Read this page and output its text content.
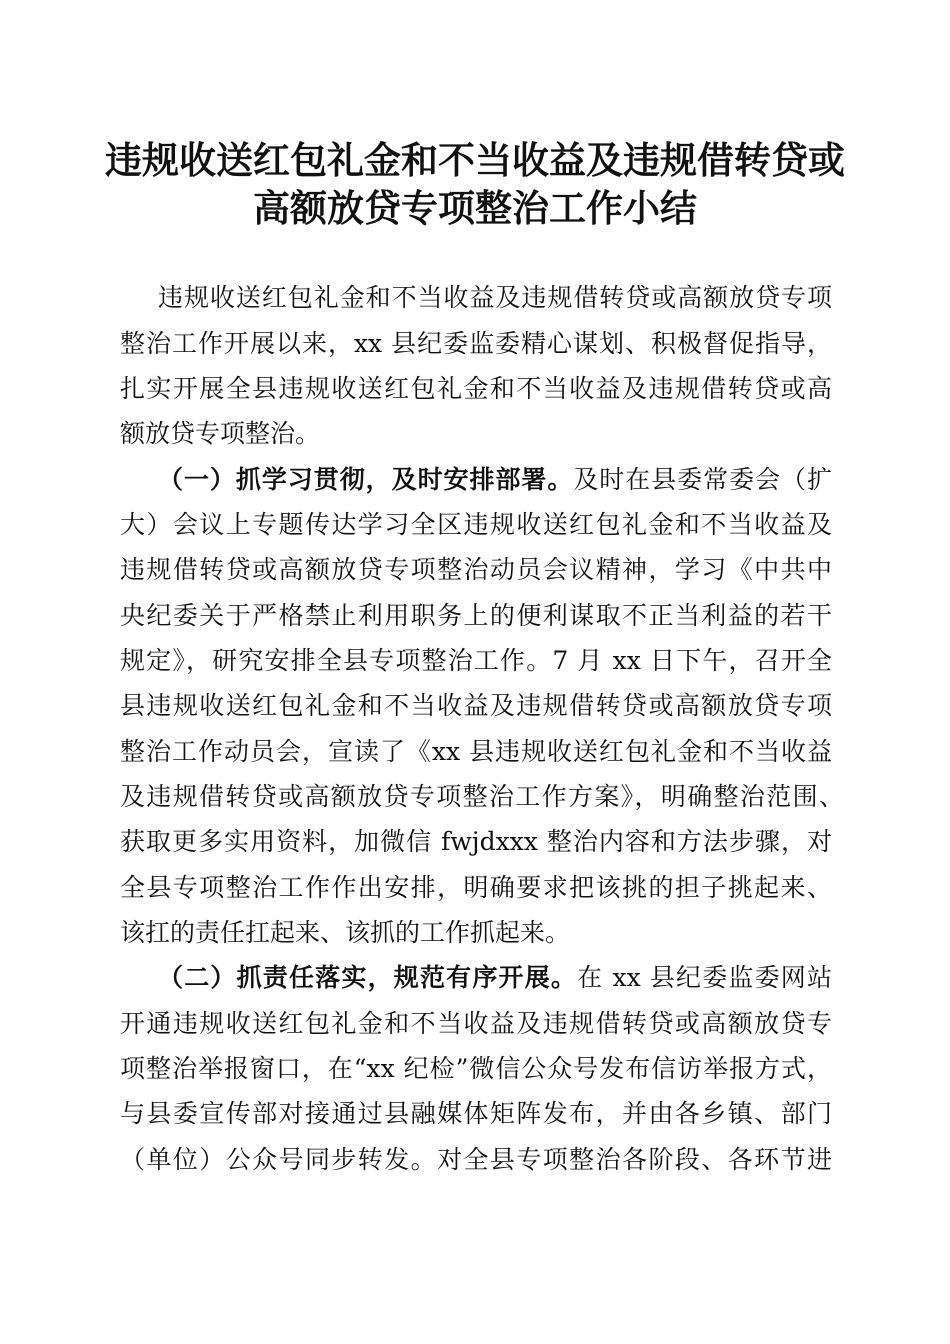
违规收送红包礼金和不当收益及违规借转贷或
高额放贷专项整治工作小结
违规收送红包礼金和不当收益及违规借转贷或高额放贷专项
整治工作开展以来，xx 县纪委监委精心谋划、积极督促指导，
扎实开展全县违规收送红包礼金和不当收益及违规借转贷或高
额放贷专项整治。
（一）抓学习贯彻，及时安排部署。及时在县委常委会（扩
大）会议上专题传达学习全区违规收送红包礼金和不当收益及
违规借转贷或高额放贷专项整治动员会议精神，学习《中共中
央纪委关于严格禁止利用职务上的便利谋取不正当利益的若干
规定》，研究安排全县专项整治工作。7 月 xx 日下午，召开全
县违规收送红包礼金和不当收益及违规借转贷或高额放贷专项
整治工作动员会，宣读了《xx 县违规收送红包礼金和不当收益
及违规借转贷或高额放贷专项整治工作方案》，明确整治范围、
获取更多实用资料，加微信 fwjdxxx 整治内容和方法步骤，对
全县专项整治工作作出安排，明确要求把该挑的担子挑起来、
该扛的责任扛起来、该抓的工作抓起来。
（二）抓责任落实，规范有序开展。在 xx 县纪委监委网站
开通违规收送红包礼金和不当收益及违规借转贷或高额放贷专
项整治举报窗口，在“xx 纪检”微信公众号发布信访举报方式，
与县委宣传部对接通过县融媒体矩阵发布，并由各乡镇、部门
（单位）公众号同步转发。对全县专项整治各阶段、各环节进
